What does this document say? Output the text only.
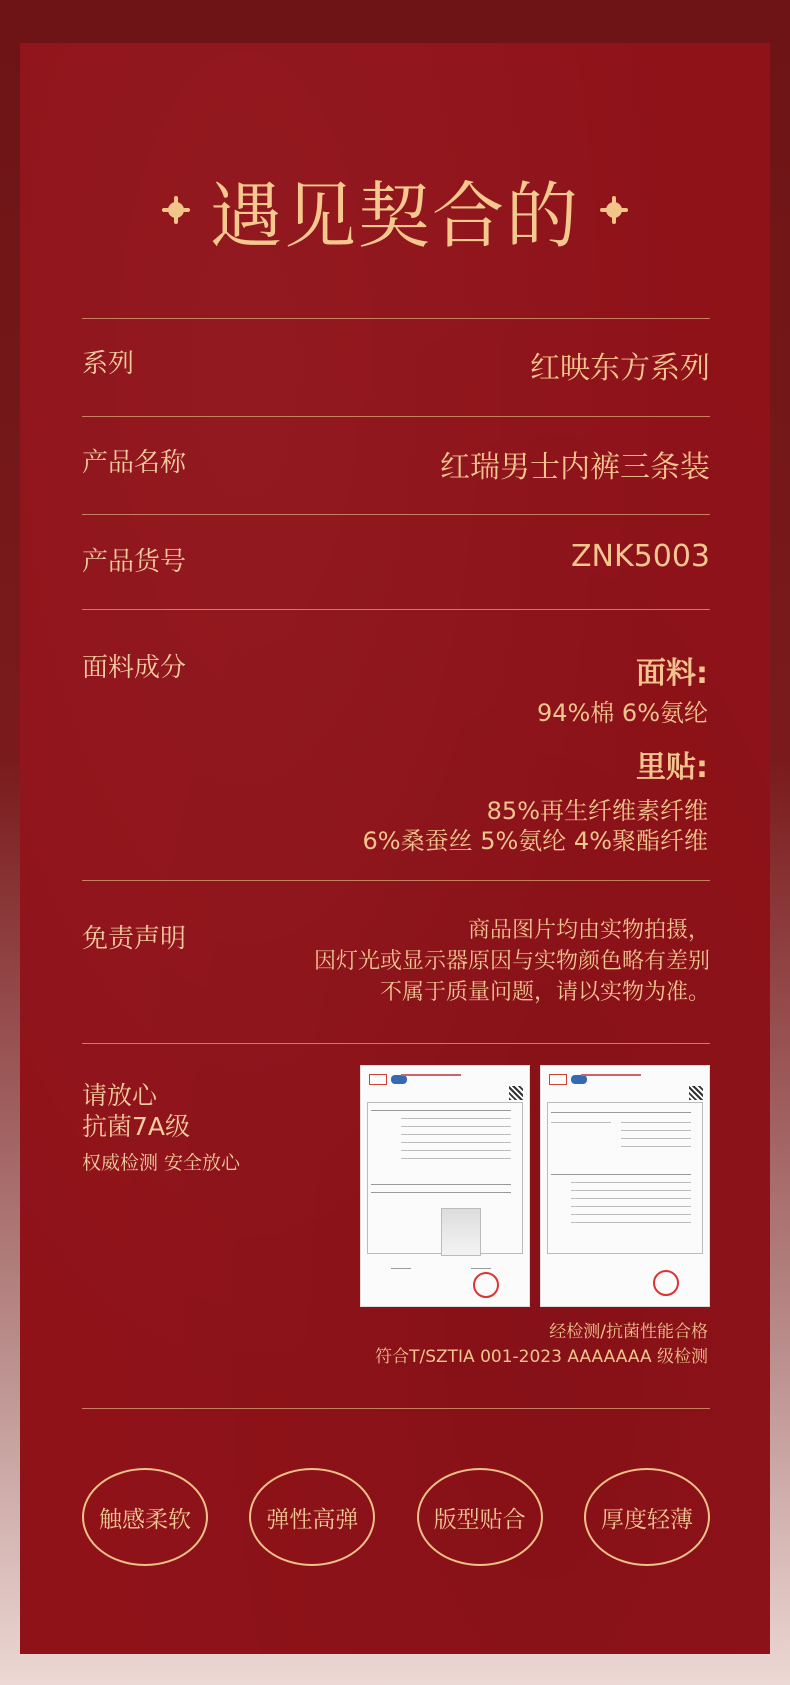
遇见契合的
系列	红映东方系列
产品名称	红瑞男士内裤三条装
产品货号	ZNK5003
面料成分	面料:
94%棉 6%氨纶
里贴:
85%再生纤维素纤维
6%桑蚕丝 5%氨纶 4%聚酯纤维
免责声明	商品图片均由实物拍摄，
因灯光或显示器原因与实物颜色略有差别
不属于质量问题，请以实物为准。
请放心
抗菌7A级
权威检测 安全放心
经检测/抗菌性能合格
符合T/SZTIA 001-2023 AAAAAAA 级检测
触感柔软	弹性高弹	版型贴合	厚度轻薄
